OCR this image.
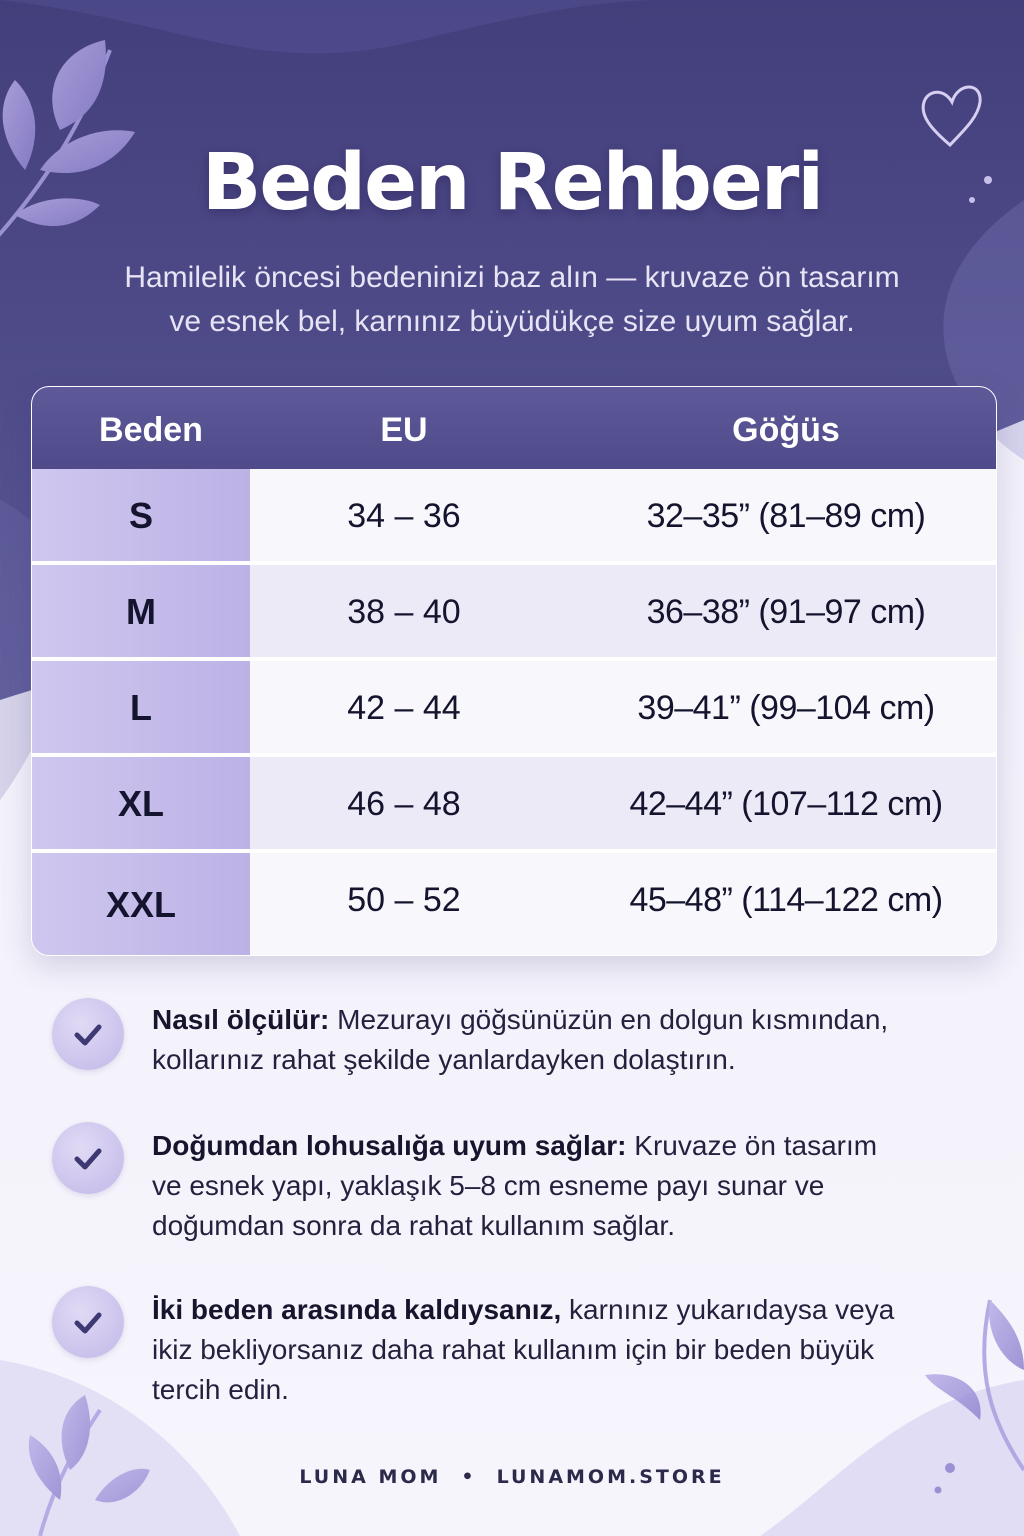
Beden Rehberi
Hamilelik öncesi bedeninizi baz alın — kruvaze ön tasarım
ve esnek bel, karnınız büyüdükçe size uyum sağlar.
Beden	EU	Göğüs
S	34 – 36	32–35” (81–89 cm)
M	38 – 40	36–38” (91–97 cm)
L	42 – 44	39–41” (99–104 cm)
XL	46 – 48	42–44” (107–112 cm)
XXL	50 – 52	45–48” (114–122 cm)
Nasıl ölçülür: Mezurayı göğsünüzün en dolgun kısmından,
kollarınız rahat şekilde yanlardayken dolaştırın.
Doğumdan lohusalığa uyum sağlar: Kruvaze ön tasarım
ve esnek yapı, yaklaşık 5–8 cm esneme payı sunar ve
doğumdan sonra da rahat kullanım sağlar.
İki beden arasında kaldıysanız, karnınız yukarıdaysa veya
ikiz bekliyorsanız daha rahat kullanım için bir beden büyük
tercih edin.
LUNA MOM • LUNAMOM.STORE
